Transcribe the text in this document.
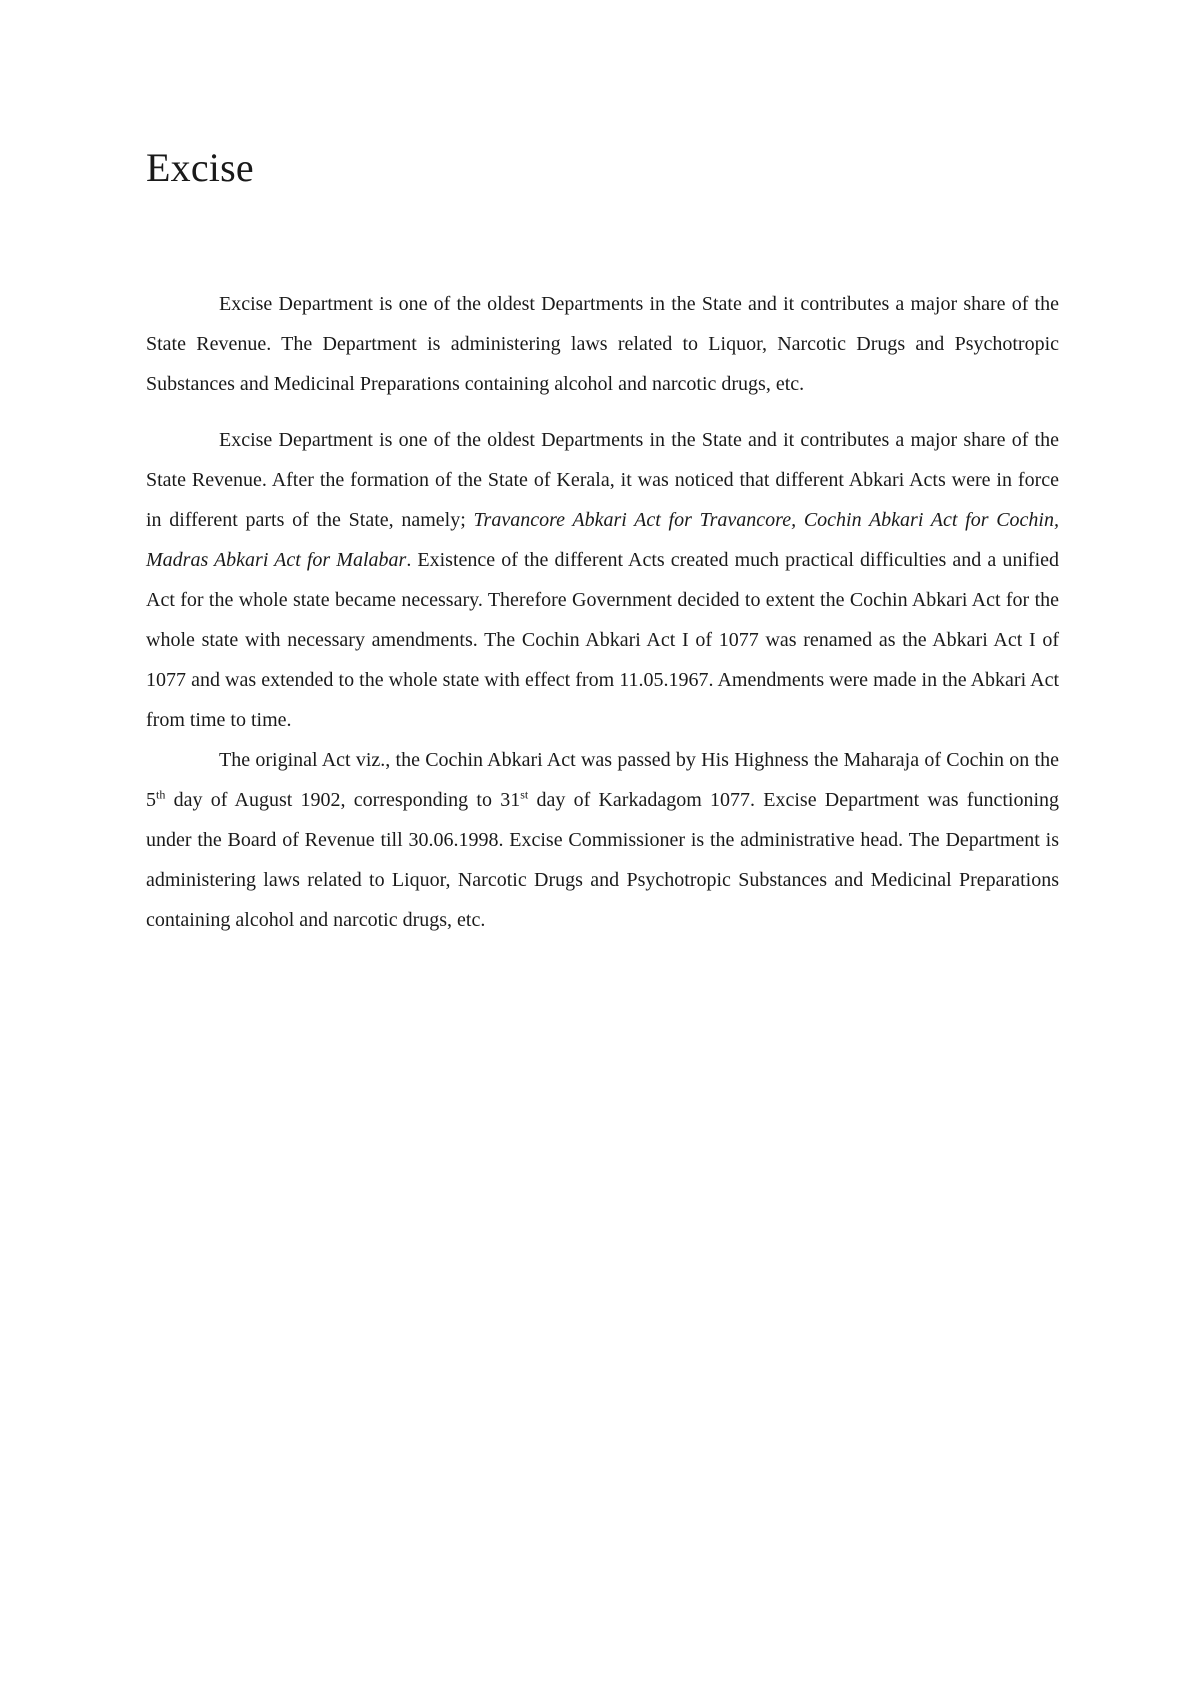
Excise

Excise Department is one of the oldest Departments in the State and it contributes a major share of the State Revenue. The Department is administering laws related to Liquor, Narcotic Drugs and Psychotropic Substances and Medicinal Preparations containing alcohol and narcotic drugs, etc.

Excise Department is one of the oldest Departments in the State and it contributes a major share of the State Revenue. After the formation of the State of Kerala, it was noticed that different Abkari Acts were in force in different parts of the State, namely; Travancore Abkari Act for Travancore, Cochin Abkari Act for Cochin, Madras Abkari Act for Malabar. Existence of the different Acts created much practical difficulties and a unified Act for the whole state became necessary. Therefore Government decided to extent the Cochin Abkari Act for the whole state with necessary amendments. The Cochin Abkari Act I of 1077 was renamed as the Abkari Act I of 1077 and was extended to the whole state with effect from 11.05.1967. Amendments were made in the Abkari Act from time to time.

The original Act viz., the Cochin Abkari Act was passed by His Highness the Maharaja of Cochin on the 5th day of August 1902, corresponding to 31st day of Karkadagom 1077. Excise Department was functioning under the Board of Revenue till 30.06.1998. Excise Commissioner is the administrative head. The Department is administering laws related to Liquor, Narcotic Drugs and Psychotropic Substances and Medicinal Preparations containing alcohol and narcotic drugs, etc.
